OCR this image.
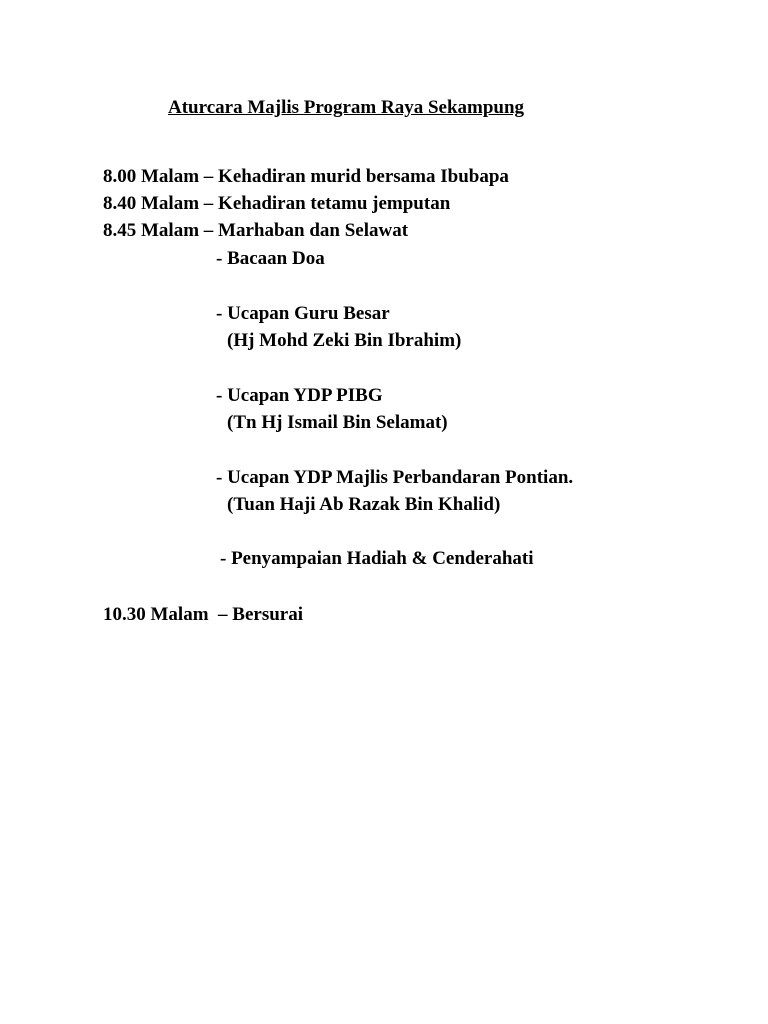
Aturcara Majlis Program Raya Sekampung
8.00 Malam – Kehadiran murid bersama Ibubapa
8.40 Malam – Kehadiran tetamu jemputan
8.45 Malam – Marhaban dan Selawat
- Bacaan Doa
- Ucapan Guru Besar
(Hj Mohd Zeki Bin Ibrahim)
- Ucapan YDP PIBG
(Tn Hj Ismail Bin Selamat)
- Ucapan YDP Majlis Perbandaran Pontian.
(Tuan Haji Ab Razak Bin Khalid)
- Penyampaian Hadiah & Cenderahati
10.30 Malam  – Bersurai
